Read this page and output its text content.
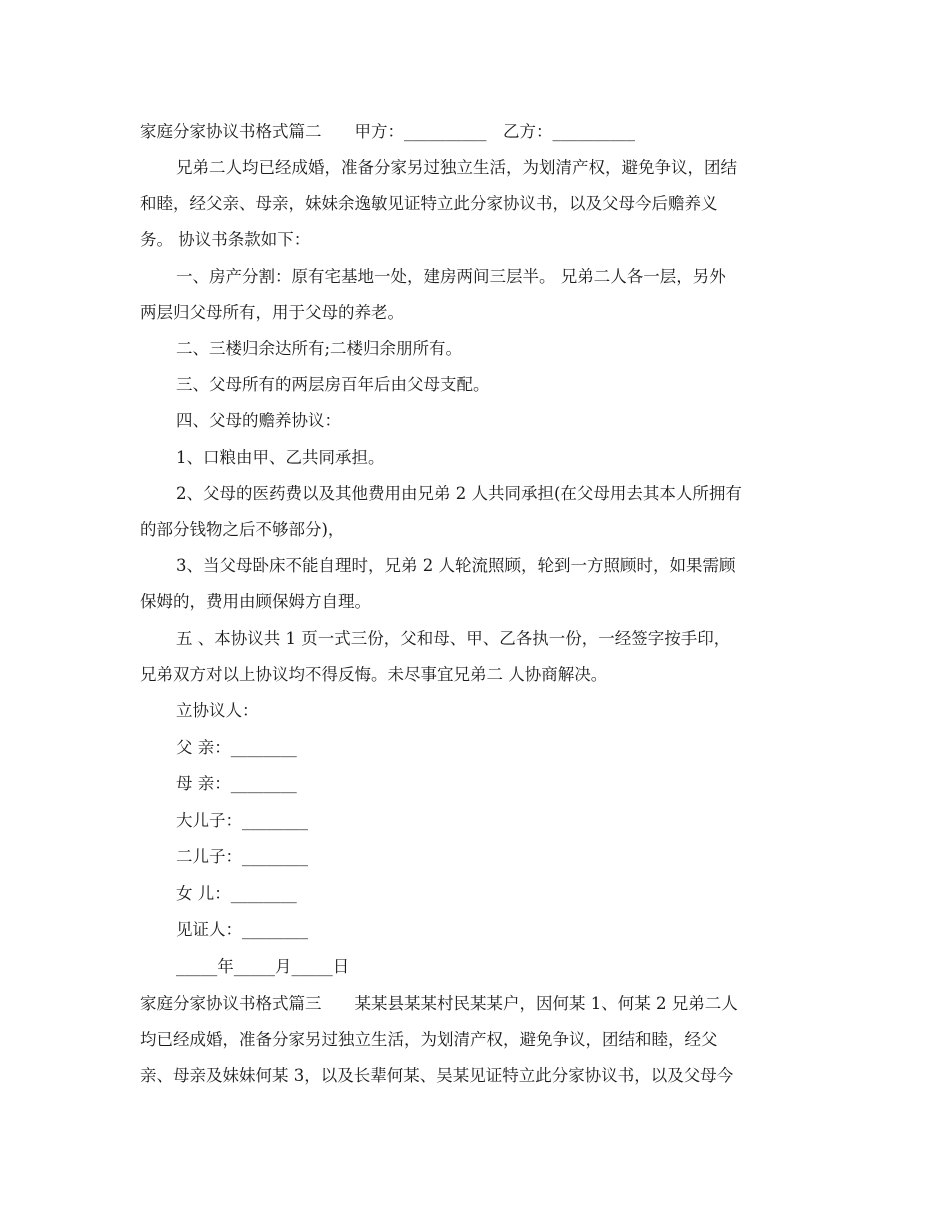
家庭分家协议书格式篇二　　甲方：__________　乙方：__________
兄弟二人均已经成婚，准备分家另过独立生活，为划清产权，避免争议，团结
和睦，经父亲、母亲，妹妹余逸敏见证特立此分家协议书，以及父母今后赡养义
务。 协议书条款如下：
一、房产分割：原有宅基地一处，建房两间三层半。 兄弟二人各一层，另外
两层归父母所有，用于父母的养老。
二、三楼归余达所有;二楼归余朋所有。
三、父母所有的两层房百年后由父母支配。
四、父母的赡养协议：
1、口粮由甲、乙共同承担。
2、父母的医药费以及其他费用由兄弟 2 人共同承担(在父母用去其本人所拥有
的部分钱物之后不够部分)，
3、当父母卧床不能自理时，兄弟 2 人轮流照顾，轮到一方照顾时，如果需顾
保姆的，费用由顾保姆方自理。
五 、本协议共 1 页一式三份，父和母、甲、乙各执一份，一经签字按手印，
兄弟双方对以上协议均不得反悔。未尽事宜兄弟二 人协商解决。
立协议人：
父 亲：________
母 亲：________
大儿子：________
二儿子：________
女 儿：________
见证人：________
_____年_____月_____日
家庭分家协议书格式篇三　　某某县某某村民某某户，因何某 1、何某 2 兄弟二人
均已经成婚，准备分家另过独立生活，为划清产权，避免争议，团结和睦，经父
亲、母亲及妹妹何某 3，以及长辈何某、吴某见证特立此分家协议书，以及父母今
